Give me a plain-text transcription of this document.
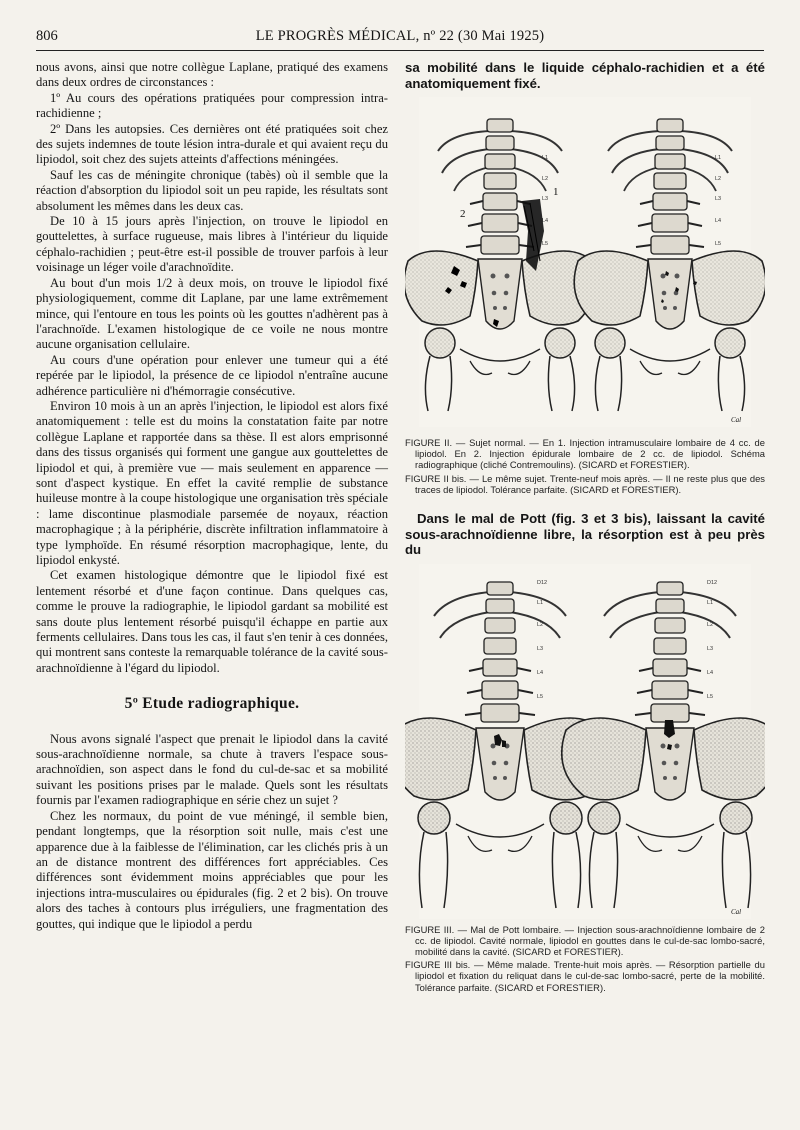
806	LE PROGRÈS MÉDICAL, nº 22 (30 Mai 1925)

nous avons, ainsi que notre collègue Laplane, pratiqué des examens dans deux ordres de circonstances :

1º Au cours des opérations pratiquées pour compression intra-rachidienne ;

2º Dans les autopsies. Ces dernières ont été pratiquées soit chez des sujets indemnes de toute lésion intra-durale et qui avaient reçu du lipiodol, soit chez des sujets atteints d'affections méningées.

Sauf les cas de méningite chronique (tabès) où il semble que la réaction d'absorption du lipiodol soit un peu rapide, les résultats sont absolument les mêmes dans les deux cas.

De 10 à 15 jours après l'injection, on trouve le lipiodol en gouttelettes, à surface rugueuse, mais libres à l'intérieur du liquide céphalo-rachidien ; peut-être est-il possible de trouver parfois à leur voisinage un léger voile d'arachnoïdite.

Au bout d'un mois 1/2 à deux mois, on trouve le lipiodol fixé physiologiquement, comme dit Laplane, par une lame extrêmement mince, qui l'entoure en tous les points où les gouttes n'adhèrent pas à l'arachnoïde. L'examen histologique de ce voile ne nous montre aucune organisation cellulaire.

Au cours d'une opération pour enlever une tumeur qui a été repérée par le lipiodol, la présence de ce lipiodol n'entraîne aucune adhérence particulière ni d'hémorragie consécutive.

Environ 10 mois à un an après l'injection, le lipiodol est alors fixé anatomiquement : telle est du moins la constatation faite par notre collègue Laplane et rapportée dans sa thèse. Il est alors emprisonné dans des tissus organisés qui forment une gangue aux gouttelettes de lipiodol et qui, à première vue — mais seulement en apparence — sont d'aspect kystique. En effet la cavité remplie de substance huileuse montre à la coupe histologique une organisation très spéciale : lame discontinue plasmodiale parsemée de noyaux, réaction macrophagique ; à la périphérie, discrète infiltration inflammatoire à type lymphoïde. En résumé résorption macrophagique, lente, du lipiodol enkysté.

Cet examen histologique démontre que le lipiodol fixé est lentement résorbé et d'une façon continue. Dans quelques cas, comme le prouve la radiographie, le lipiodol gardant sa mobilité est sans doute plus lentement résorbé puisqu'il échappe en partie aux ferments cellulaires. Dans tous les cas, il faut s'en tenir à ces données, qui montrent sans conteste la remarquable tolérance de la cavité sous-arachnoïdienne à l'égard du lipiodol.

5º Etude radiographique.

Nous avons signalé l'aspect que prenait le lipiodol dans la cavité sous-arachnoïdienne normale, sa chute à travers l'espace sous-arachnoïdien, son aspect dans le fond du cul-de-sac et sa mobilité suivant les positions prises par le malade. Quels sont les résultats fournis par l'examen radiographique en série chez un sujet ?

Chez les normaux, du point de vue méningé, il semble bien, pendant longtemps, que la résorption soit nulle, mais c'est une apparence due à la faiblesse de l'élimination, car les clichés pris à un an de distance montrent des différences fort appréciables. Ces différences sont évidemment moins appréciables que pour les injections intra-musculaires ou épidurales (fig. 2 et 2 bis). On trouve alors des taches à contours plus irréguliers, une fragmentation des gouttes, qui indique que le lipiodol a perdu

sa mobilité dans le liquide céphalo-rachidien et a été anatomiquement fixé.

L1
L2
L3
L4
L5
L1
L2
L3
L4
L5
1
2
Cal

FIGURE II. — Sujet normal. — En 1. Injection intramusculaire lombaire de 4 cc. de lipiodol. En 2. Injection épidurale lombaire de 2 cc. de lipiodol. Schéma radiographique (cliché Contremoulins). (SICARD et FORESTIER).

FIGURE II bis. — Le même sujet. Trente-neuf mois après. — Il ne reste plus que des traces de lipiodol. Tolérance parfaite. (SICARD et FORESTIER).

Dans le mal de Pott (fig. 3 et 3 bis), laissant la cavité sous-arachnoïdienne libre, la résorption est à peu près du

D12
L1
L2
L3
L4
L5
D12
L1
L2
L3
L4
L5
Cal

FIGURE III. — Mal de Pott lombaire. — Injection sous-arachnoïdienne lombaire de 2 cc. de lipiodol. Cavité normale, lipiodol en gouttes dans le cul-de-sac lombo-sacré, mobilité dans la cavité. (SICARD et FORESTIER).

FIGURE III bis. — Même malade. Trente-huit mois après. — Résorption partielle du lipiodol et fixation du reliquat dans le cul-de-sac lombo-sacré, perte de la mobilité. Tolérance parfaite. (SICARD et FORESTIER).
